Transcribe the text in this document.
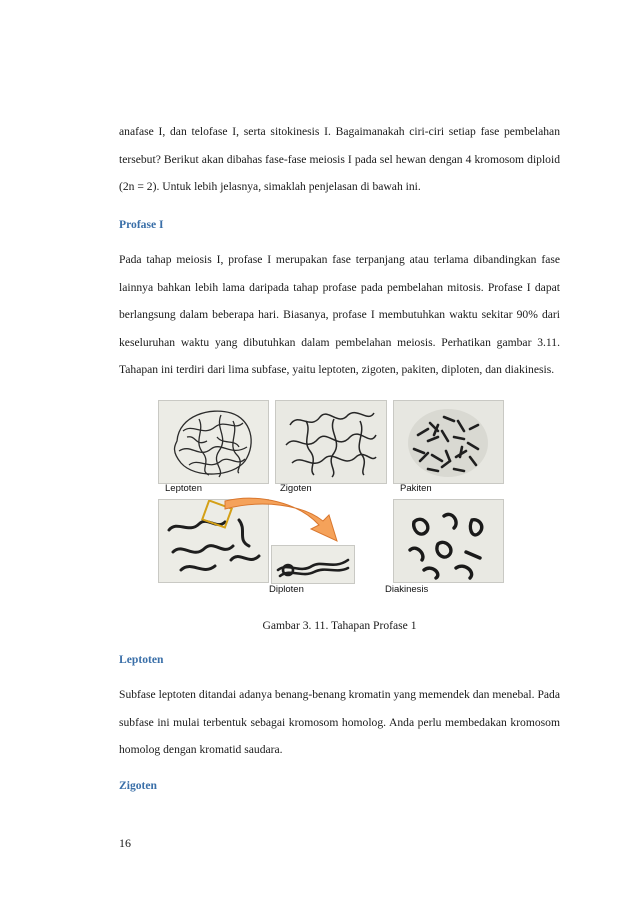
anafase I, dan telofase I, serta sitokinesis I. Bagaimanakah ciri-ciri setiap fase pembelahan tersebut? Berikut akan dibahas fase-fase meiosis I pada sel hewan dengan 4 kromosom diploid (2n = 2). Untuk lebih jelasnya, simaklah penjelasan di bawah ini.

Profase I

Pada tahap meiosis I, profase I merupakan fase terpanjang atau terlama dibandingkan fase lainnya bahkan lebih lama daripada tahap profase pada pembelahan mitosis. Profase I dapat berlangsung dalam beberapa hari. Biasanya, profase I membutuhkan waktu sekitar 90% dari keseluruhan waktu yang dibutuhkan dalam pembelahan meiosis. Perhatikan gambar 3.11. Tahapan ini terdiri dari lima subfase, yaitu leptoten, zigoten, pakiten, diploten, dan diakinesis.

Leptoten	Zigoten	Pakiten
Diploten	Diakinesis

Gambar 3. 11. Tahapan Profase 1

Leptoten

Subfase leptoten ditandai adanya benang-benang kromatin yang memendek dan menebal. Pada subfase ini mulai terbentuk sebagai kromosom homolog. Anda perlu membedakan kromosom homolog dengan kromatid saudara.

Zigoten
16
